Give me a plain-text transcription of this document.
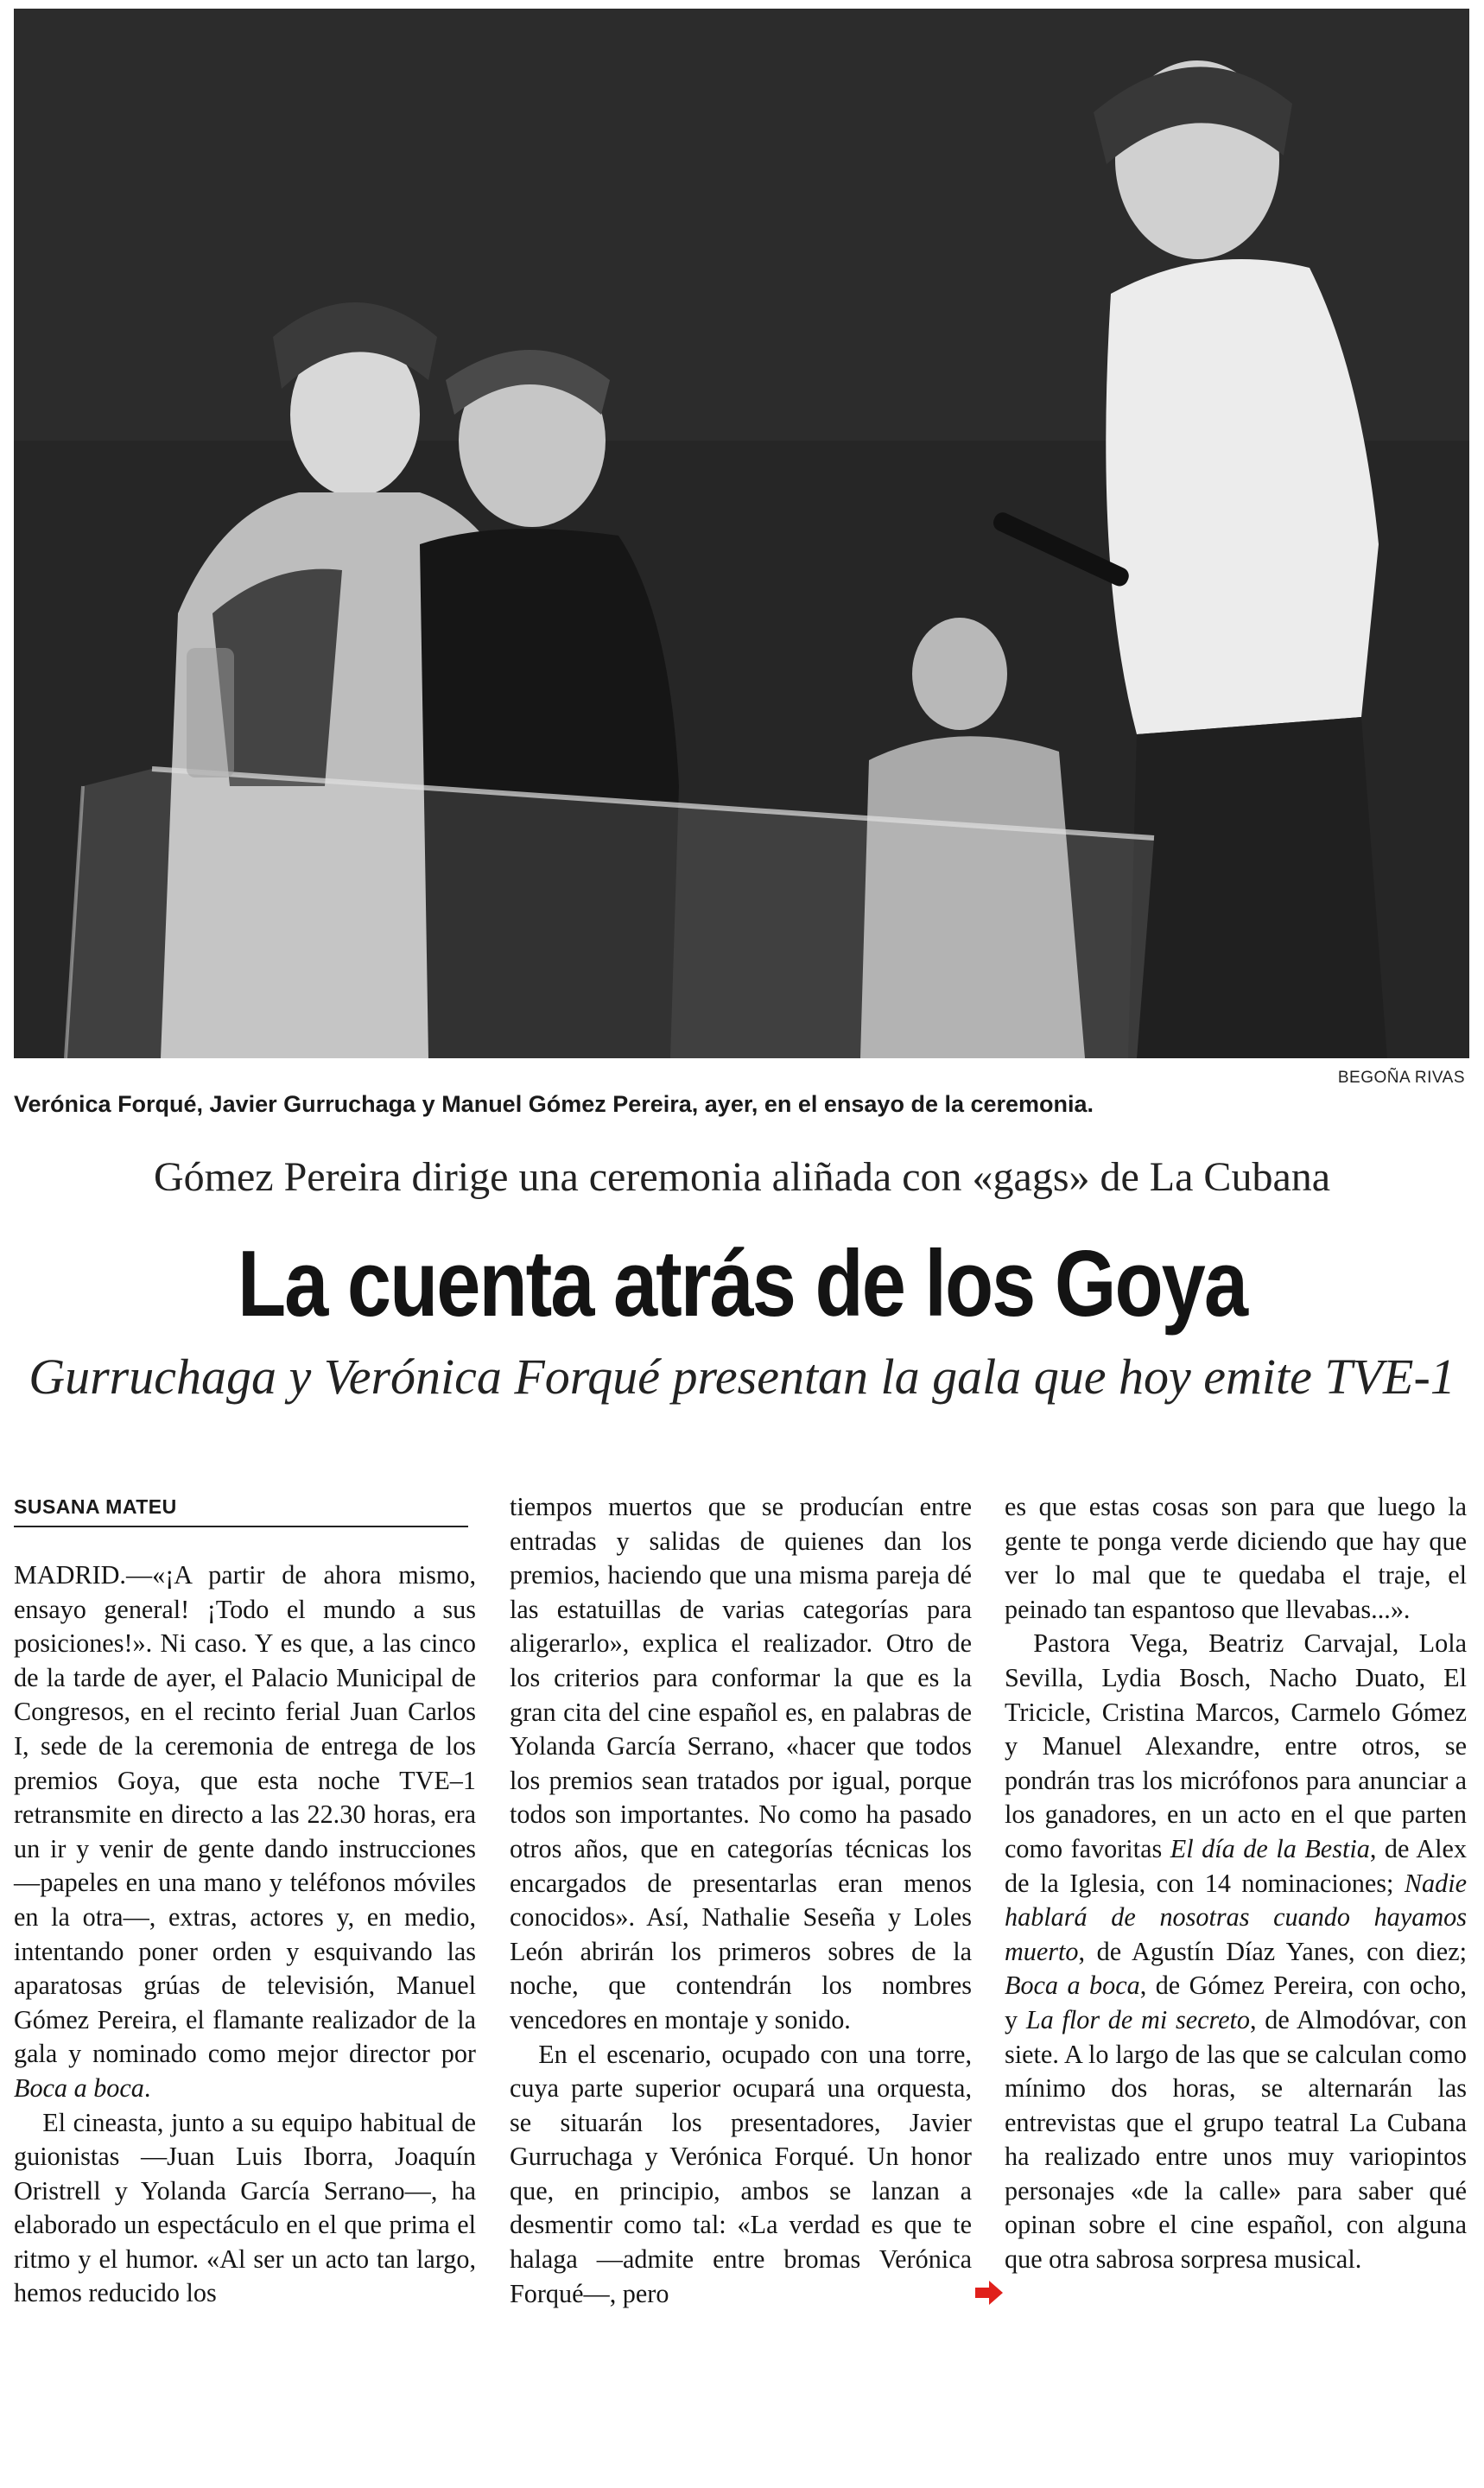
BEGOÑA RIVAS
Verónica Forqué, Javier Gurruchaga y Manuel Gómez Pereira, ayer, en el ensayo de la ceremonia.
Gómez Pereira dirige una ceremonia aliñada con «gags» de La Cubana
La cuenta atrás de los Goya
Gurruchaga y Verónica Forqué presentan la gala que hoy emite TVE-1
SUSANA MATEU

MADRID.—«¡A partir de ahora mismo, ensayo general! ¡Todo el mundo a sus posiciones!». Ni caso. Y es que, a las cinco de la tarde de ayer, el Palacio Municipal de Congresos, en el recinto ferial Juan Carlos I, sede de la ceremonia de entrega de los premios Goya, que esta noche TVE–1 retransmite en directo a las 22.30 horas, era un ir y venir de gente dando instrucciones —papeles en una mano y teléfonos móviles en la otra—, extras, actores y, en medio, intentando poner orden y esquivando las aparatosas grúas de televisión, Manuel Gómez Pereira, el flamante realizador de la gala y nominado como mejor director por Boca a boca.

El cineasta, junto a su equipo habitual de guionistas —Juan Luis Iborra, Joaquín Oristrell y Yolanda García Serrano—, ha elaborado un espectáculo en el que prima el ritmo y el humor. «Al ser un acto tan largo, hemos reducido los

tiempos muertos que se producían entre entradas y salidas de quienes dan los premios, haciendo que una misma pareja dé las estatuillas de varias categorías para aligerarlo», explica el realizador. Otro de los criterios para conformar la que es la gran cita del cine español es, en palabras de Yolanda García Serrano, «hacer que todos los premios sean tratados por igual, porque todos son importantes. No como ha pasado otros años, que en categorías técnicas los encargados de presentarlas eran menos conocidos». Así, Nathalie Seseña y Loles León abrirán los primeros sobres de la noche, que contendrán los nombres vencedores en montaje y sonido.

En el escenario, ocupado con una torre, cuya parte superior ocupará una orquesta, se situarán los presentadores, Javier Gurruchaga y Verónica Forqué. Un honor que, en principio, ambos se lanzan a desmentir como tal: «La verdad es que te halaga —admite entre bromas Verónica Forqué—, pero

es que estas cosas son para que luego la gente te ponga verde diciendo que hay que ver lo mal que te quedaba el traje, el peinado tan espantoso que llevabas...».

Pastora Vega, Beatriz Carvajal, Lola Sevilla, Lydia Bosch, Nacho Duato, El Tricicle, Cristina Marcos, Carmelo Gómez y Manuel Alexandre, entre otros, se pondrán tras los micrófonos para anunciar a los ganadores, en un acto en el que parten como favoritas El día de la Bestia, de Alex de la Iglesia, con 14 nominaciones; Nadie hablará de nosotras cuando hayamos muerto, de Agustín Díaz Yanes, con diez; Boca a boca, de Gómez Pereira, con ocho, y La flor de mi secreto, de Almodóvar, con siete. A lo largo de las que se calculan como mínimo dos horas, se alternarán las entrevistas que el grupo teatral La Cubana ha realizado entre unos muy variopintos personajes «de la calle» para saber qué opinan sobre el cine español, con alguna que otra sabrosa sorpresa musical.
